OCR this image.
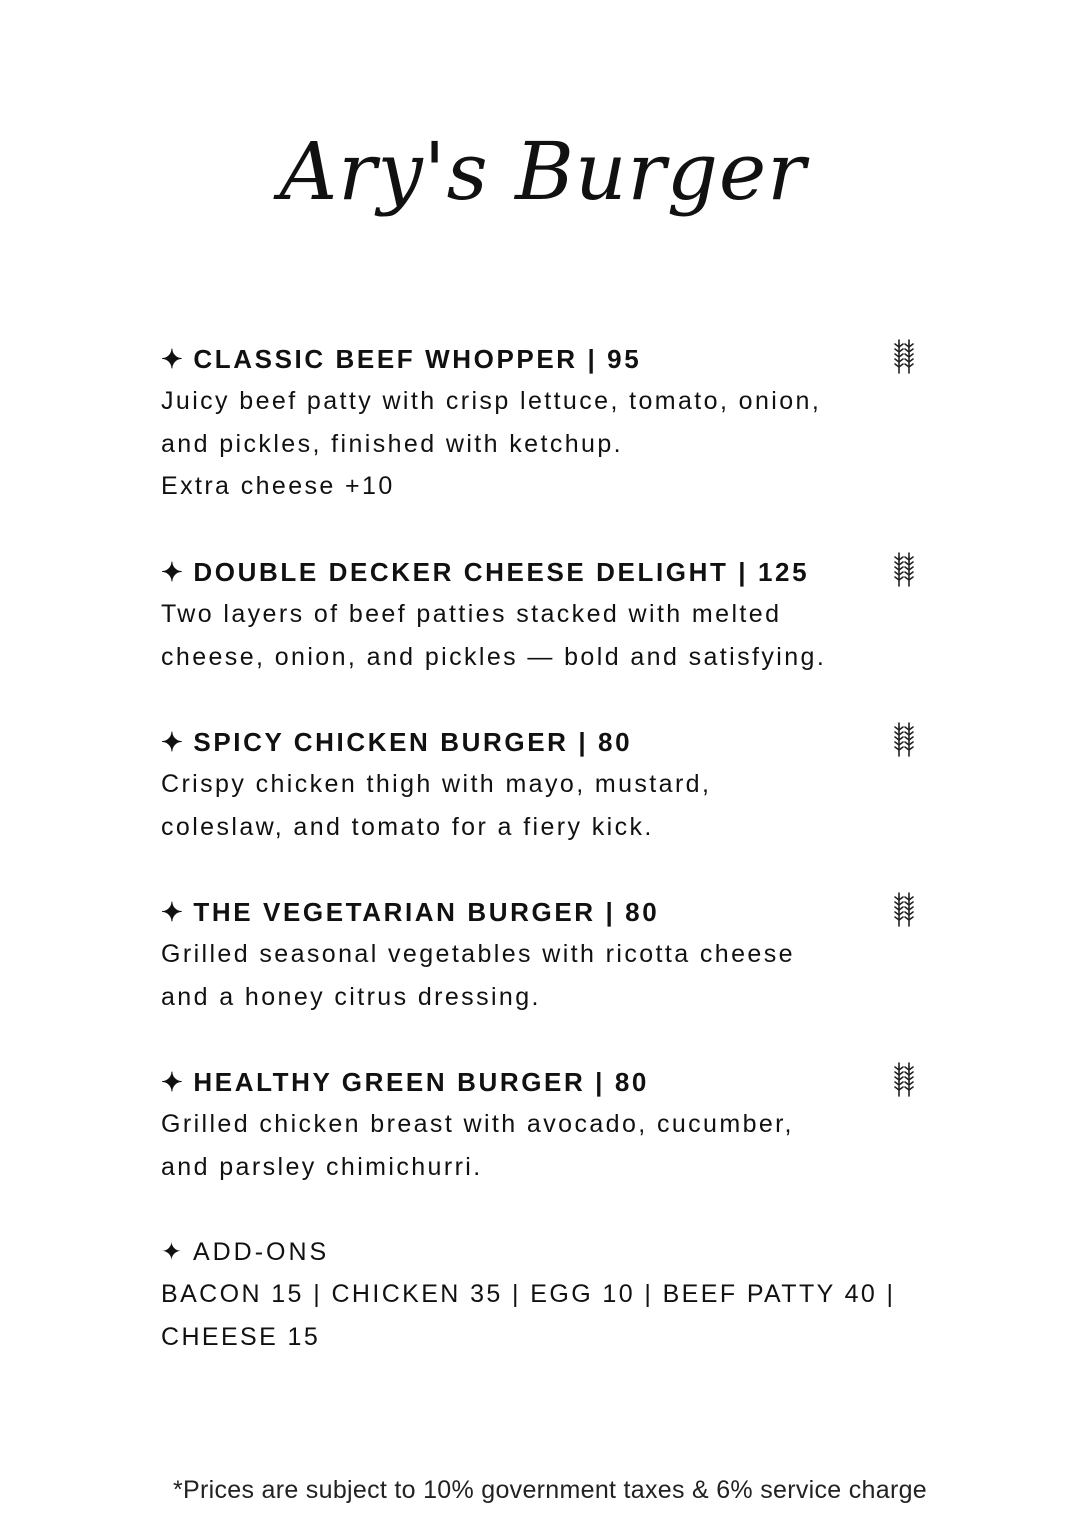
Ary's Burger
✦ CLASSIC BEEF WHOPPER | 95
Juicy beef patty with crisp lettuce, tomato, onion,
and pickles, finished with ketchup.
Extra cheese +10
✦ DOUBLE DECKER CHEESE DELIGHT | 125
Two layers of beef patties stacked with melted
cheese, onion, and pickles — bold and satisfying.
✦ SPICY CHICKEN BURGER | 80
Crispy chicken thigh with mayo, mustard,
coleslaw, and tomato for a fiery kick.
✦ THE VEGETARIAN BURGER | 80
Grilled seasonal vegetables with ricotta cheese
and a honey citrus dressing.
✦ HEALTHY GREEN BURGER | 80
Grilled chicken breast with avocado, cucumber,
and parsley chimichurri.
✦ ADD-ONS
BACON 15 | CHICKEN 35 | EGG 10 | BEEF PATTY 40 |
CHEESE 15
*Prices are subject to 10% government taxes & 6% service charge
